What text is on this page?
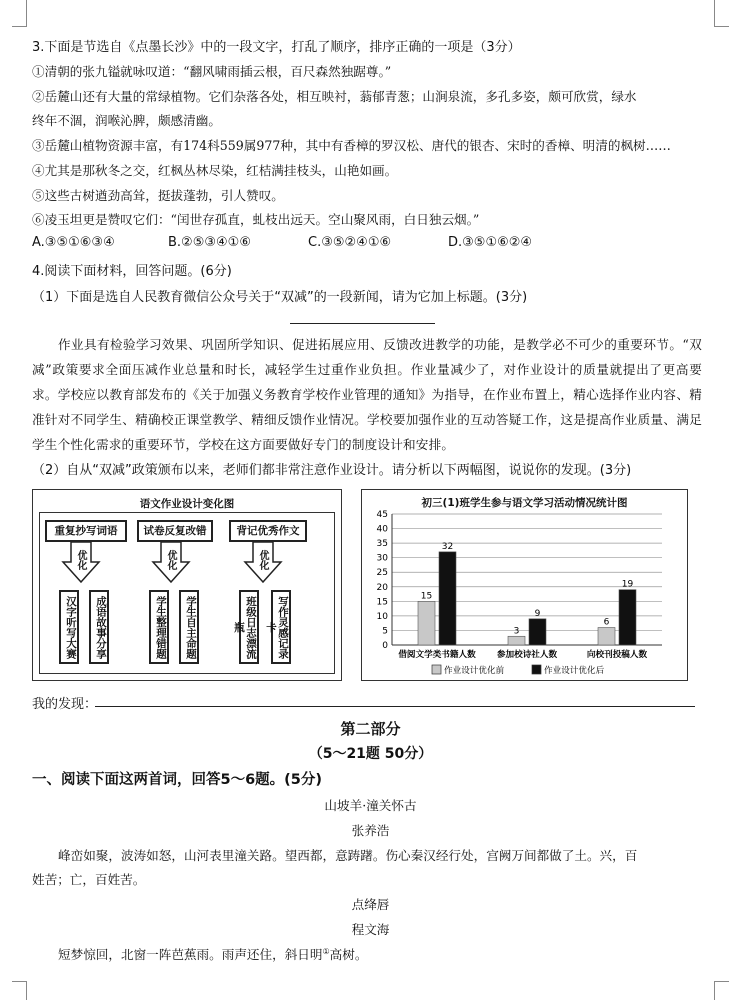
3.下面是节选自《点墨长沙》中的一段文字，打乱了顺序，排序正确的一项是（3分）
①清朝的张九镒就咏叹道：“翻风啸雨插云根，百尺森然独踞尊。”
②岳麓山还有大量的常绿植物。它们杂落各处，相互映衬，蓊郁青葱；山涧泉流，多孔多姿，颇可欣赏，绿水
终年不涸，润喉沁脾，颇感清幽。
③岳麓山植物资源丰富，有174科559属977种，其中有香樟的罗汉松、唐代的银杏、宋时的香樟、明清的枫树……
④尤其是那秋冬之交，红枫丛林尽染，红桔满挂枝头，山艳如画。
⑤这些古树遒劲高耸，挺拔蓬勃，引人赞叹。
⑥凌玉坦更是赞叹它们：“闰世存孤直，虬枝出远天。空山聚风雨，白日独云烟。”
A.③⑤①⑥③④	B.②⑤③④①⑥	C.③⑤②④①⑥	D.③⑤①⑥②④
4.阅读下面材料，回答问题。(6分)
（1）下面是选自人民教育微信公众号关于“双减”的一段新闻，请为它加上标题。(3分)
作业具有检验学习效果、巩固所学知识、促进拓展应用、反馈改进教学的功能，是教学必不可少的重要环节。“双减”政策要求全面压减作业总量和时长，减轻学生过重作业负担。作业量减少了，对作业设计的质量就提出了更高要求。学校应以教育部发布的《关于加强义务教育学校作业管理的通知》为指导，在作业布置上，精心选择作业内容、精准针对不同学生、精确校正课堂教学、精细反馈作业情况。学校要加强作业的互动答疑工作，这是提高作业质量、满足学生个性化需求的重要环节，学校在这方面要做好专门的制度设计和安排。
（2）自从“双减”政策颁布以来，老师们都非常注意作业设计。请分析以下两幅图，说说你的发现。(3分)
语文作业设计变化图
重复抄写词语	试卷反复改错	背记优秀作文
优化	优化	优化
汉字听写大赛	成语故事分享	学生整理错题	学生自主命题	班级日志漂流瓶	写作灵感记录卡
初三(1)班学生参与语文学习活动情况统计图
0
5
10
15
20
25
30
35
40
45
15
32
借阅文学类书籍人数
3
9
参加校诗社人数
6
19
向校刊投稿人数
作业设计优化前	作业设计优化后
我的发现：
第二部分
（5～21题 50分）
一、阅读下面这两首词，回答5～6题。(5分)
山坡羊·潼关怀古
张养浩
峰峦如聚，波涛如怒，山河表里潼关路。望西都，意踌躇。伤心秦汉经行处，宫阙万间都做了土。兴，百
姓苦；亡，百姓苦。
点绛唇
程文海
短梦惊回，北窗一阵芭蕉雨。雨声还住，斜日明①高树。
